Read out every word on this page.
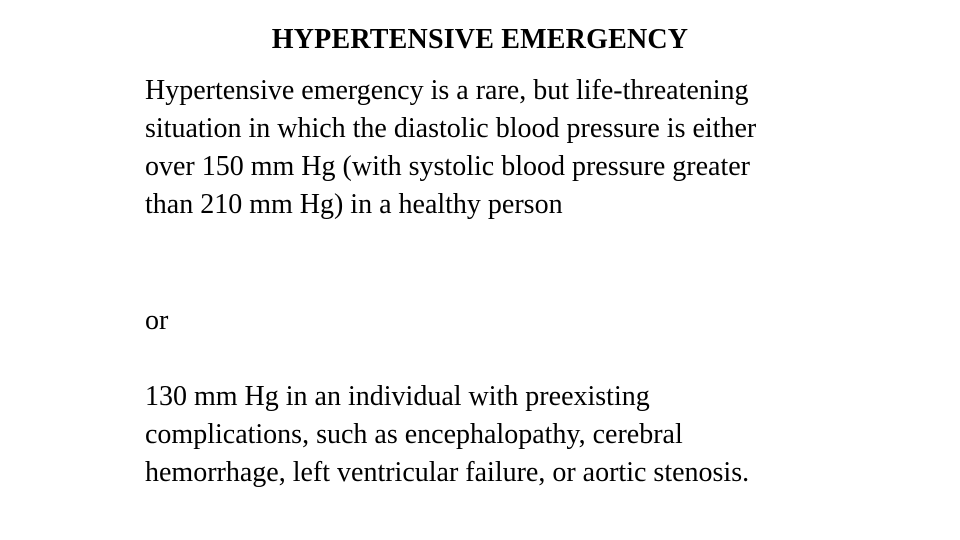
HYPERTENSIVE EMERGENCY

Hypertensive emergency is a rare, but life-threatening situation in which the diastolic blood pressure is either over 150 mm Hg (with systolic blood pressure greater than 210 mm Hg) in a healthy person

or

130 mm Hg in an individual with preexisting complications, such as encephalopathy, cerebral hemorrhage, left ventricular failure, or aortic stenosis.
